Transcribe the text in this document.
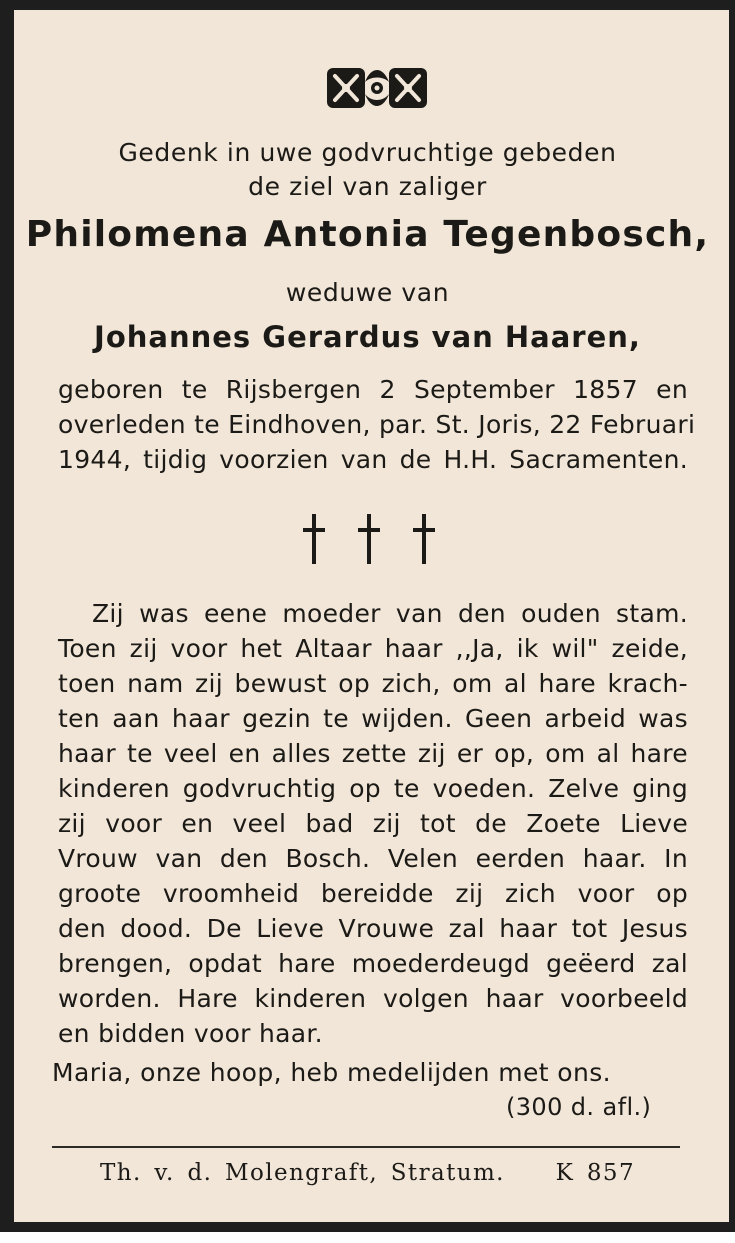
Gedenk in uwe godvruchtige gebeden
de ziel van zaliger
Philomena Antonia Tegenbosch,
weduwe van
Johannes Gerardus van Haaren,
geboren te Rijsbergen 2 September 1857 en
overleden te Eindhoven, par. St. Joris, 22 Februari
1944, tijdig voorzien van de H.H. Sacramenten.
Zij was eene moeder van den ouden stam.
Toen zij voor het Altaar haar ,,Ja, ik wil" zeide,
toen nam zij bewust op zich, om al hare krach-
ten aan haar gezin te wijden. Geen arbeid was
haar te veel en alles zette zij er op, om al hare
kinderen godvruchtig op te voeden. Zelve ging
zij voor en veel bad zij tot de Zoete Lieve
Vrouw van den Bosch. Velen eerden haar. In
groote vroomheid bereidde zij zich voor op
den dood. De Lieve Vrouwe zal haar tot Jesus
brengen, opdat hare moederdeugd geëerd zal
worden. Hare kinderen volgen haar voorbeeld
en bidden voor haar.
Maria, onze hoop, heb medelijden met ons.
(300 d. afl.)
Th. v. d. Molengraft, Stratum. K 857
